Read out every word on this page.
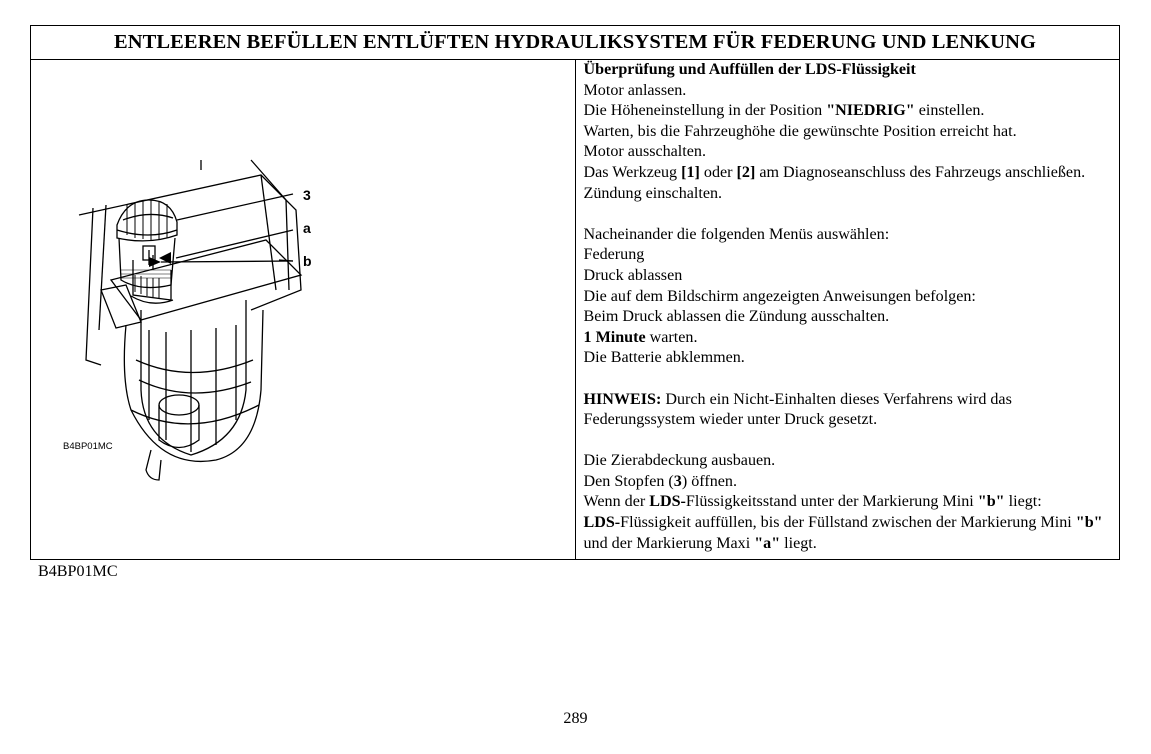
ENTLEEREN BEFÜLLEN ENTLÜFTEN HYDRAULIKSYSTEM FÜR FEDERUNG UND LENKUNG

3
a
b
B4BP01MC

Überprüfung und Auffüllen der LDS-Flüssigkeit

Motor anlassen.

Die Höheneinstellung in der Position "NIEDRIG" einstellen.

Warten, bis die Fahrzeughöhe die gewünschte Position erreicht hat.

Motor ausschalten.

Das Werkzeug [1] oder [2] am Diagnoseanschluss des Fahrzeugs anschließen.

Zündung einschalten.

Nacheinander die folgenden Menüs auswählen:

Federung

Druck ablassen

Die auf dem Bildschirm angezeigten Anweisungen befolgen:

Beim Druck ablassen die Zündung ausschalten.

1 Minute warten.

Die Batterie abklemmen.

HINWEIS: Durch ein Nicht-Einhalten dieses Verfahrens wird das Federungssystem wieder unter Druck gesetzt.

Die Zierabdeckung ausbauen.

Den Stopfen (3) öffnen.

Wenn der LDS-Flüssigkeitsstand unter der Markierung Mini "b" liegt:

LDS-Flüssigkeit auffüllen, bis der Füllstand zwischen der Markierung Mini "b" und der Markierung Maxi "a" liegt.

B4BP01MC
289
